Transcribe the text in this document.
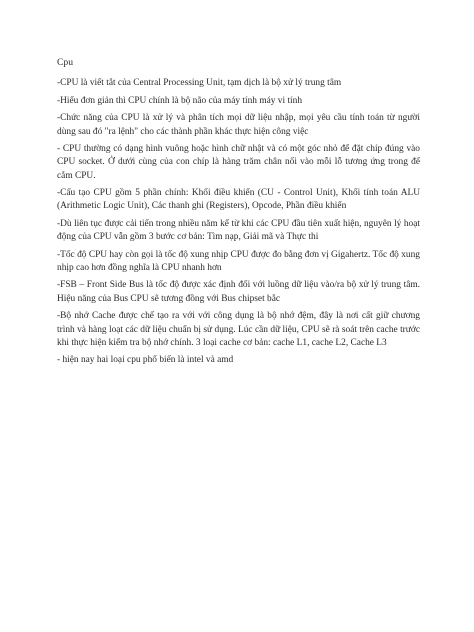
Cpu

-CPU là viết tắt của Central Processing Unit, tạm dịch là bộ xử lý trung tâm

-Hiểu đơn giản thì CPU chính là bộ não của máy tính máy vi tính

-Chức năng của CPU là xử lý và phân tích mọi dữ liệu nhập, mọi yêu cầu tính toán từ người dùng sau đó "ra lệnh" cho các thành phần khác thực hiện công việc

- CPU thường có dạng hình vuông hoặc hình chữ nhật và có một góc nhỏ để đặt chíp đúng vào CPU socket. Ở dưới cùng của con chíp là hàng trăm chân nối vào mỗi lỗ tương ứng trong đế cắm CPU.

-Cấu tạo CPU gồm 5 phần chính: Khối điều khiển (CU - Control Unit), Khối tính toán ALU (Arithmetic Logic Unit), Các thanh ghi (Registers), Opcode, Phần điều khiển

-Dù liên tục được cải tiến trong nhiều năm kể từ khi các CPU đầu tiên xuất hiện, nguyên lý hoạt động của CPU vẫn gồm 3 bước cơ bản: Tìm nạp, Giải mã và Thực thi

-Tốc độ CPU hay còn gọi là tốc độ xung nhịp CPU được đo bằng đơn vị Gigahertz. Tốc độ xung nhịp cao hơn đồng nghĩa là CPU nhanh hơn

-FSB – Front Side Bus là tốc độ được xác định đối với luồng dữ liệu vào/ra bộ xử lý trung tâm. Hiệu năng của Bus CPU sẽ tương đồng với Bus chipset bắc

-Bộ nhớ Cache được chế tạo ra với với công dụng là bộ nhớ đệm, đây là nơi cất giữ chương trình và hàng loạt các dữ liệu chuẩn bị sử dụng. Lúc cần dữ liệu, CPU sẽ rà soát trên cache trước khi thực hiện kiểm tra bộ nhớ chính. 3 loại cache cơ bản: cache L1, cache L2, Cache L3

- hiện nay hai loại cpu phổ biến là intel và amd
